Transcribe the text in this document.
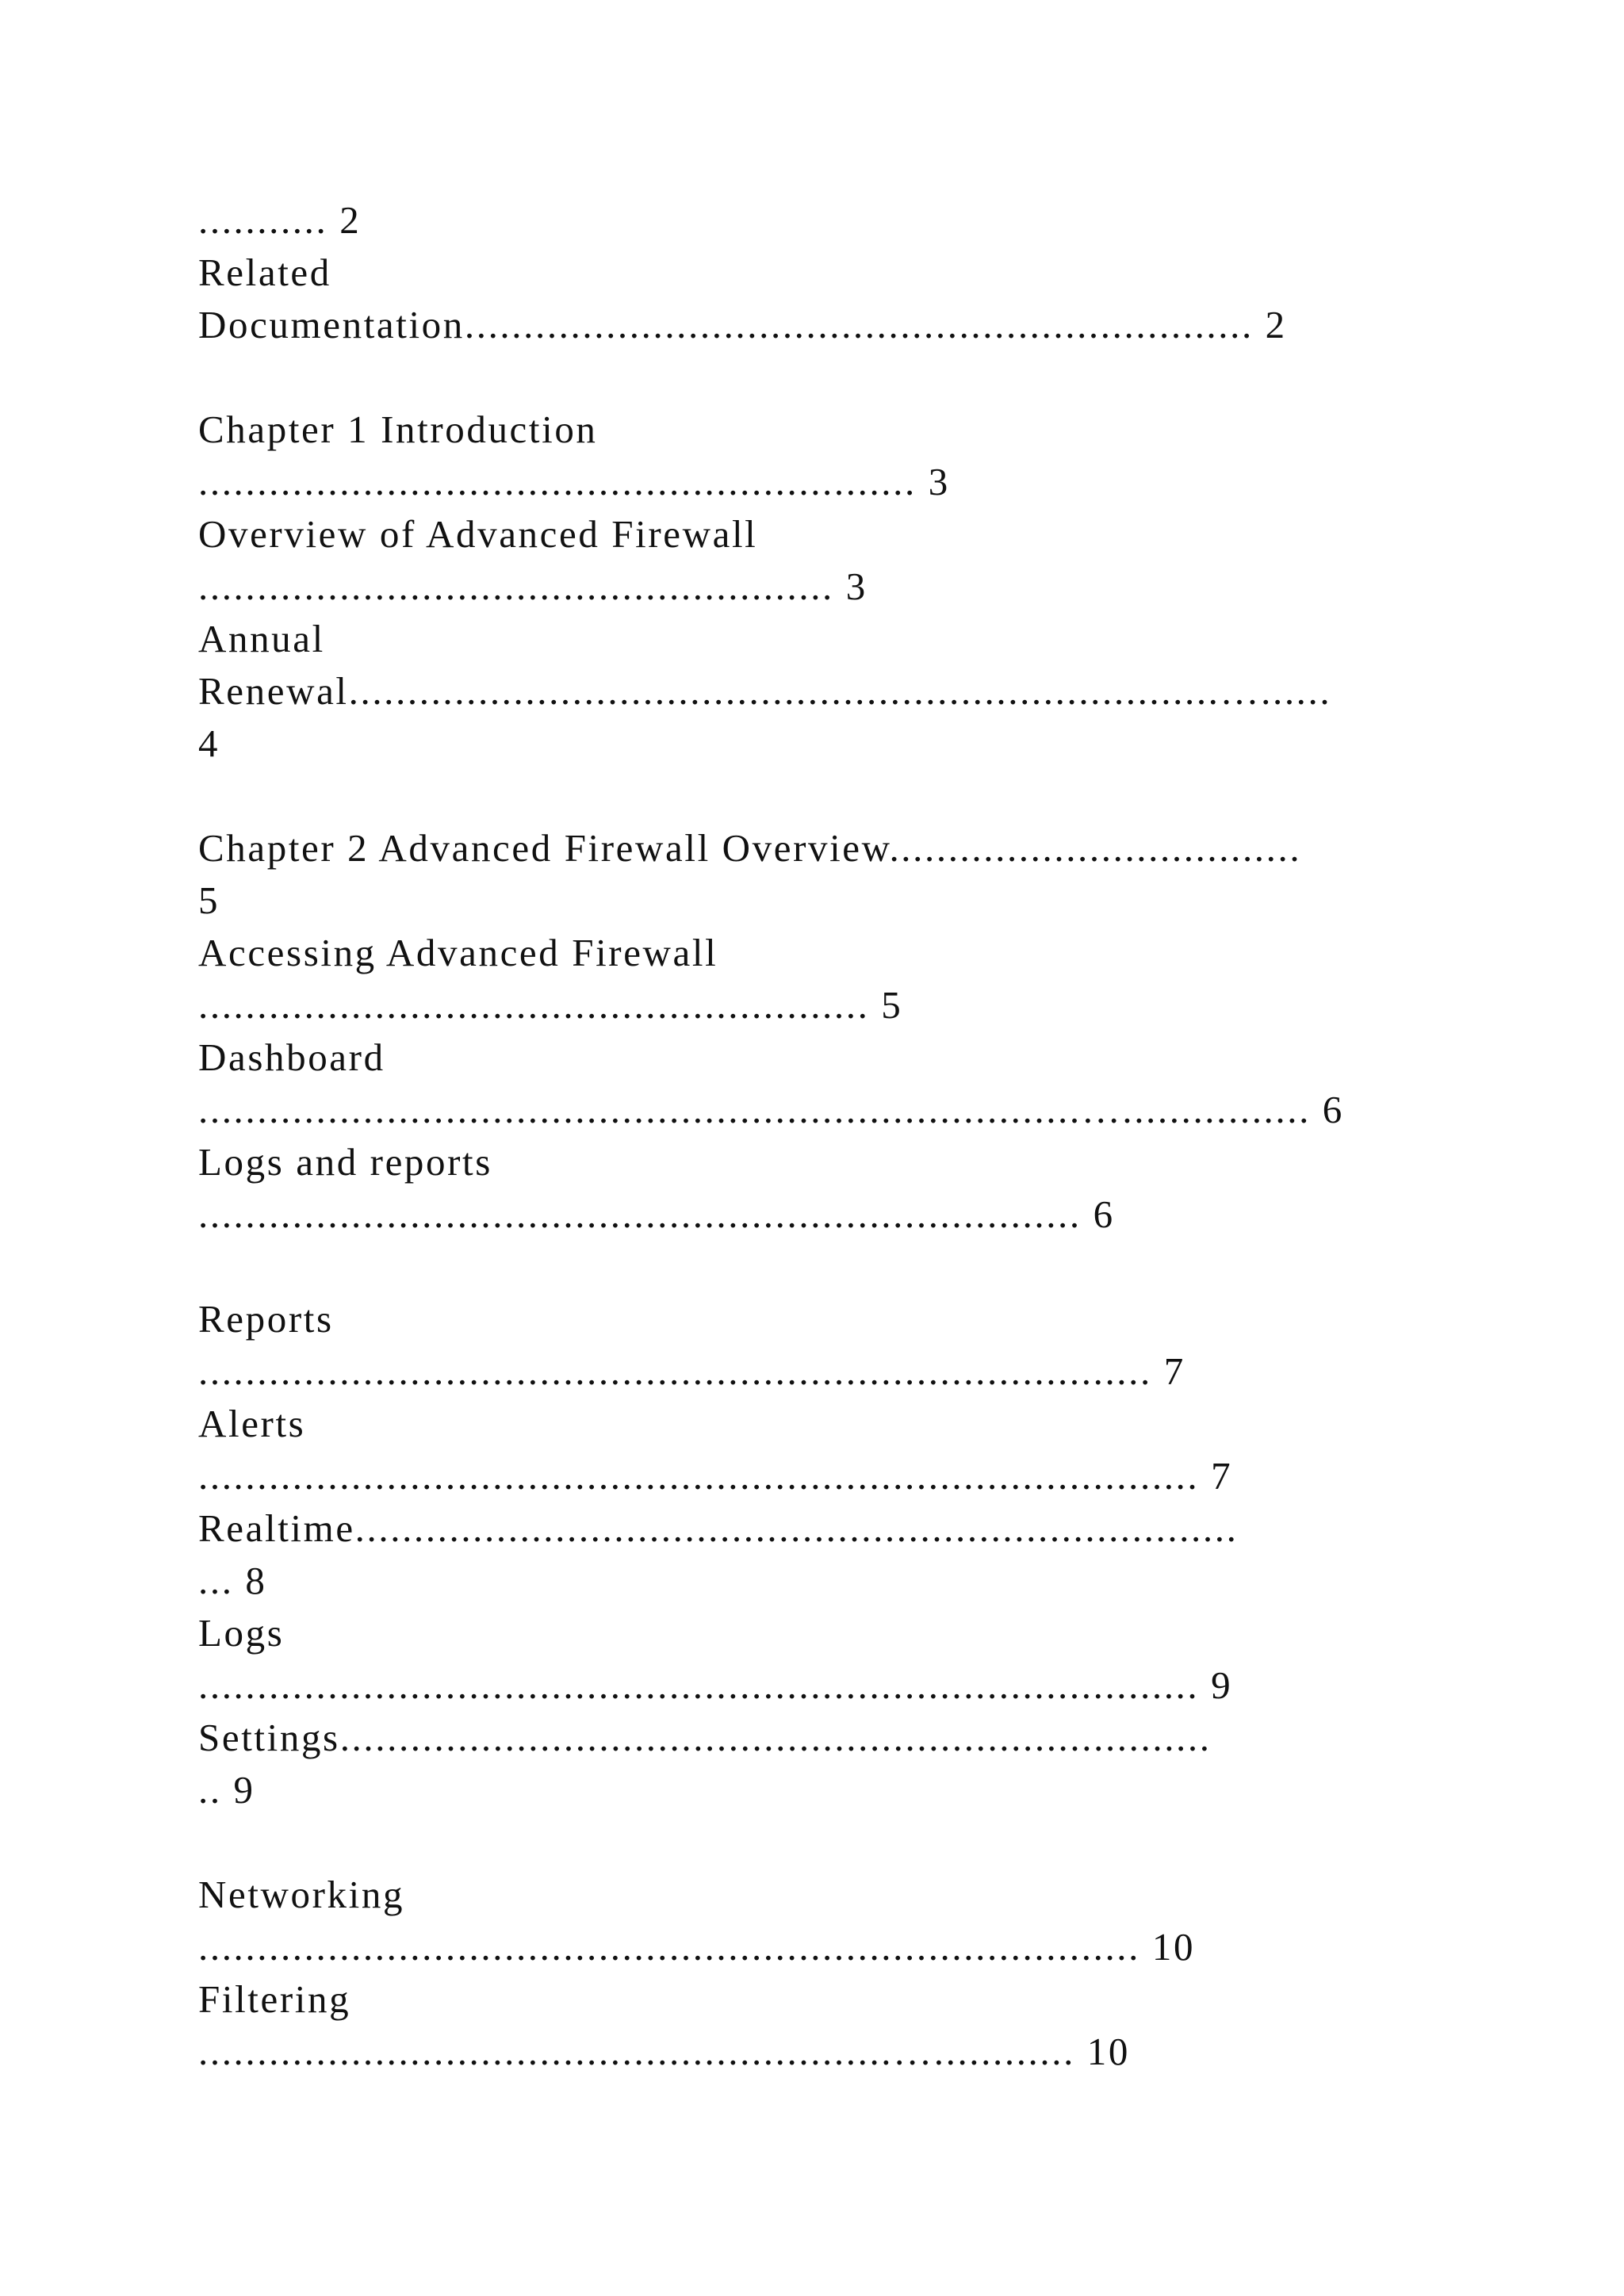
........... 2
Related
Documentation................................................................... 2
Chapter 1 Introduction
............................................................. 3
Overview of Advanced Firewall
...................................................... 3
Annual
Renewal..........................................................................…......
4
Chapter 2 Advanced Firewall Overview...................................
5
Accessing Advanced Firewall
......................................................... 5
Dashboard
...........................................................................…................ 6
Logs and reports
........................................................................... 6
Reports
................................................................................. 7
Alerts
..................................................................................... 7
Realtime...........................................................................
... 8
Logs
..................................................................................... 9
Settings..........................................................................
.. 9
Networking
................................................................................ 10
Filtering
...........................................................…............ 10
